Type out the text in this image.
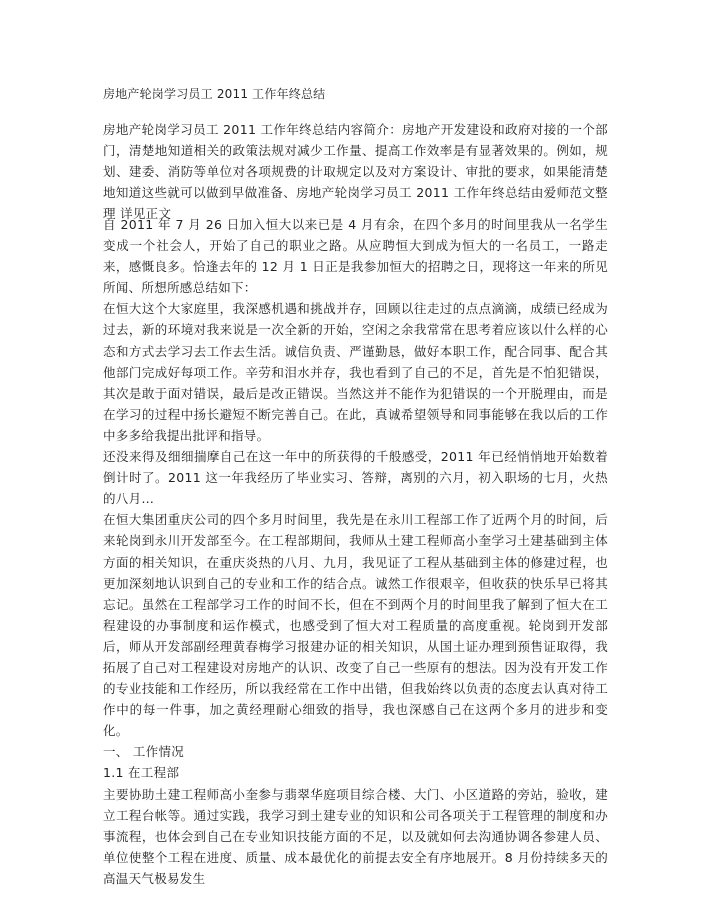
房地产轮岗学习员工 2011 工作年终总结
房地产轮岗学习员工 2011 工作年终总结内容简介：房地产开发建设和政府对接的一个部门，清楚地知道相关的政策法规对减少工作量、提高工作效率是有显著效果的。例如，规划、建委、消防等单位对各项规费的计取规定以及对方案设计、审批的要求，如果能清楚地知道这些就可以做到早做准备、房地产轮岗学习员工 2011 工作年终总结由爱师范文整理 详见正文

自 2011 年 7 月 26 日加入恒大以来已是 4 月有余，在四个多月的时间里我从一名学生变成一个社会人，开始了自己的职业之路。从应聘恒大到成为恒大的一名员工，一路走来，感慨良多。恰逢去年的 12 月 1 日正是我参加恒大的招聘之日，现将这一年来的所见所闻、所想所感总结如下：

在恒大这个大家庭里，我深感机遇和挑战并存，回顾以往走过的点点滴滴，成绩已经成为过去，新的环境对我来说是一次全新的开始，空闲之余我常常在思考着应该以什么样的心态和方式去学习去工作去生活。诚信负责、严谨勤恳，做好本职工作，配合同事、配合其他部门完成好每项工作。辛劳和泪水并存，我也看到了自己的不足，首先是不怕犯错误，其次是敢于面对错误，最后是改正错误。当然这并不能作为犯错误的一个开脱理由，而是在学习的过程中扬长避短不断完善自己。在此，真诚希望领导和同事能够在我以后的工作中多多给我提出批评和指导。

还没来得及细细揣摩自己在这一年中的所获得的千般感受，2011 年已经悄悄地开始数着倒计时了。2011 这一年我经历了毕业实习、答辩，离别的六月，初入职场的七月，火热的八月…

在恒大集团重庆公司的四个多月时间里，我先是在永川工程部工作了近两个月的时间，后来轮岗到永川开发部至今。在工程部期间，我师从土建工程师高小奎学习土建基础到主体方面的相关知识，在重庆炎热的八月、九月，我见证了工程从基础到主体的修建过程，也更加深刻地认识到自己的专业和工作的结合点。诚然工作很艰辛，但收获的快乐早已将其忘记。虽然在工程部学习工作的时间不长，但在不到两个月的时间里我了解到了恒大在工程建设的办事制度和运作模式，也感受到了恒大对工程质量的高度重视。轮岗到开发部后，师从开发部副经理黄春梅学习报建办证的相关知识，从国土证办理到预售证取得，我拓展了自己对工程建设对房地产的认识、改变了自己一些原有的想法。因为没有开发工作的专业技能和工作经历，所以我经常在工作中出错，但我始终以负责的态度去认真对待工作中的每一件事，加之黄经理耐心细致的指导，我也深感自己在这两个多月的进步和变化。

一、 工作情况

1.1 在工程部

主要协助土建工程师高小奎参与翡翠华庭项目综合楼、大门、小区道路的旁站，验收，建立工程台帐等。通过实践，我学习到土建专业的知识和公司各项关于工程管理的制度和办事流程，也体会到自己在专业知识技能方面的不足，以及就如何去沟通协调各参建人员、单位使整个工程在进度、质量、成本最优化的前提去安全有序地展开。8 月份持续多天的高温天气极易发生
